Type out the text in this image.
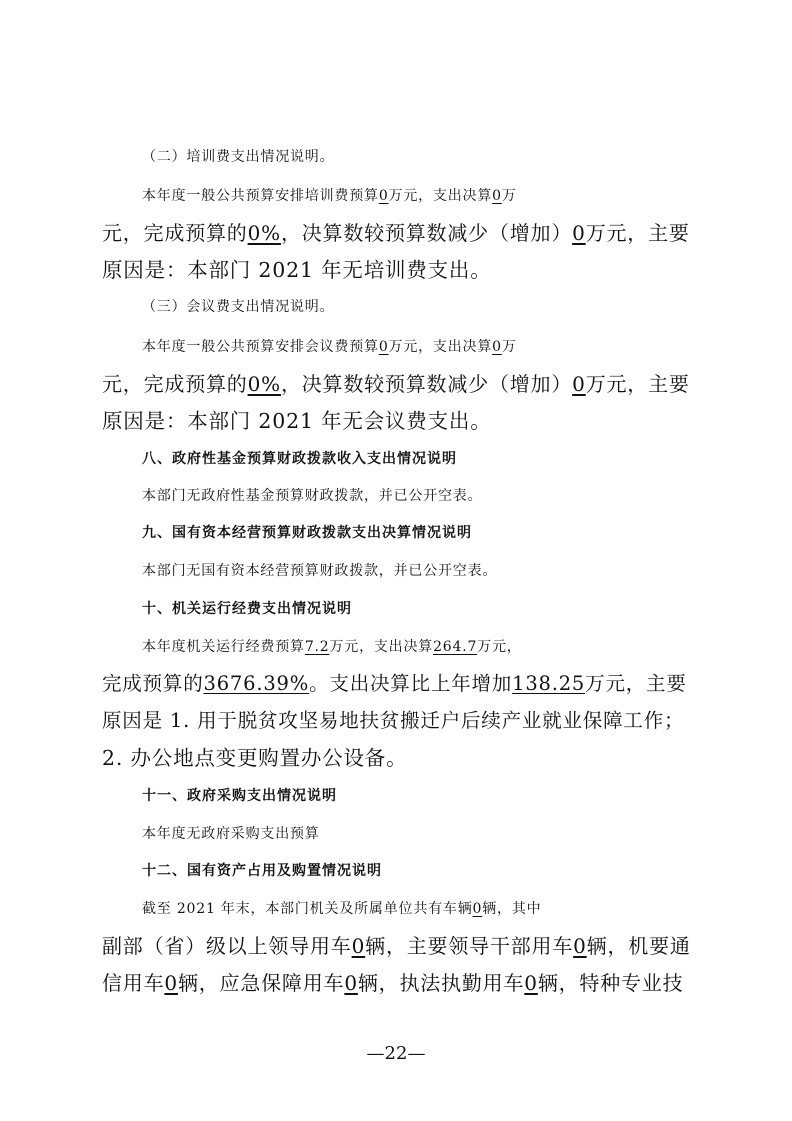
（二）培训费支出情况说明。
本年度一般公共预算安排培训费预算0万元，支出决算0万
元，完成预算的0%，决算数较预算数减少（增加）0万元，主要
原因是：本部门 2021 年无培训费支出。
（三）会议费支出情况说明。
本年度一般公共预算安排会议费预算0万元，支出决算0万
元，完成预算的0%，决算数较预算数减少（增加）0万元，主要
原因是：本部门 2021 年无会议费支出。
八、政府性基金预算财政拨款收入支出情况说明
本部门无政府性基金预算财政拨款，并已公开空表。
九、国有资本经营预算财政拨款支出决算情况说明
本部门无国有资本经营预算财政拨款，并已公开空表。
十、机关运行经费支出情况说明
本年度机关运行经费预算7.2万元，支出决算264.7万元，
完成预算的3676.39%。支出决算比上年增加138.25万元，主要
原因是 1. 用于脱贫攻坚易地扶贫搬迁户后续产业就业保障工作；
2. 办公地点变更购置办公设备。
十一、政府采购支出情况说明
本年度无政府采购支出预算
十二、国有资产占用及购置情况说明
截至 2021 年末，本部门机关及所属单位共有车辆0辆，其中
副部（省）级以上领导用车0辆，主要领导干部用车0辆，机要通
信用车0辆，应急保障用车0辆，执法执勤用车0辆，特种专业技
—22—
